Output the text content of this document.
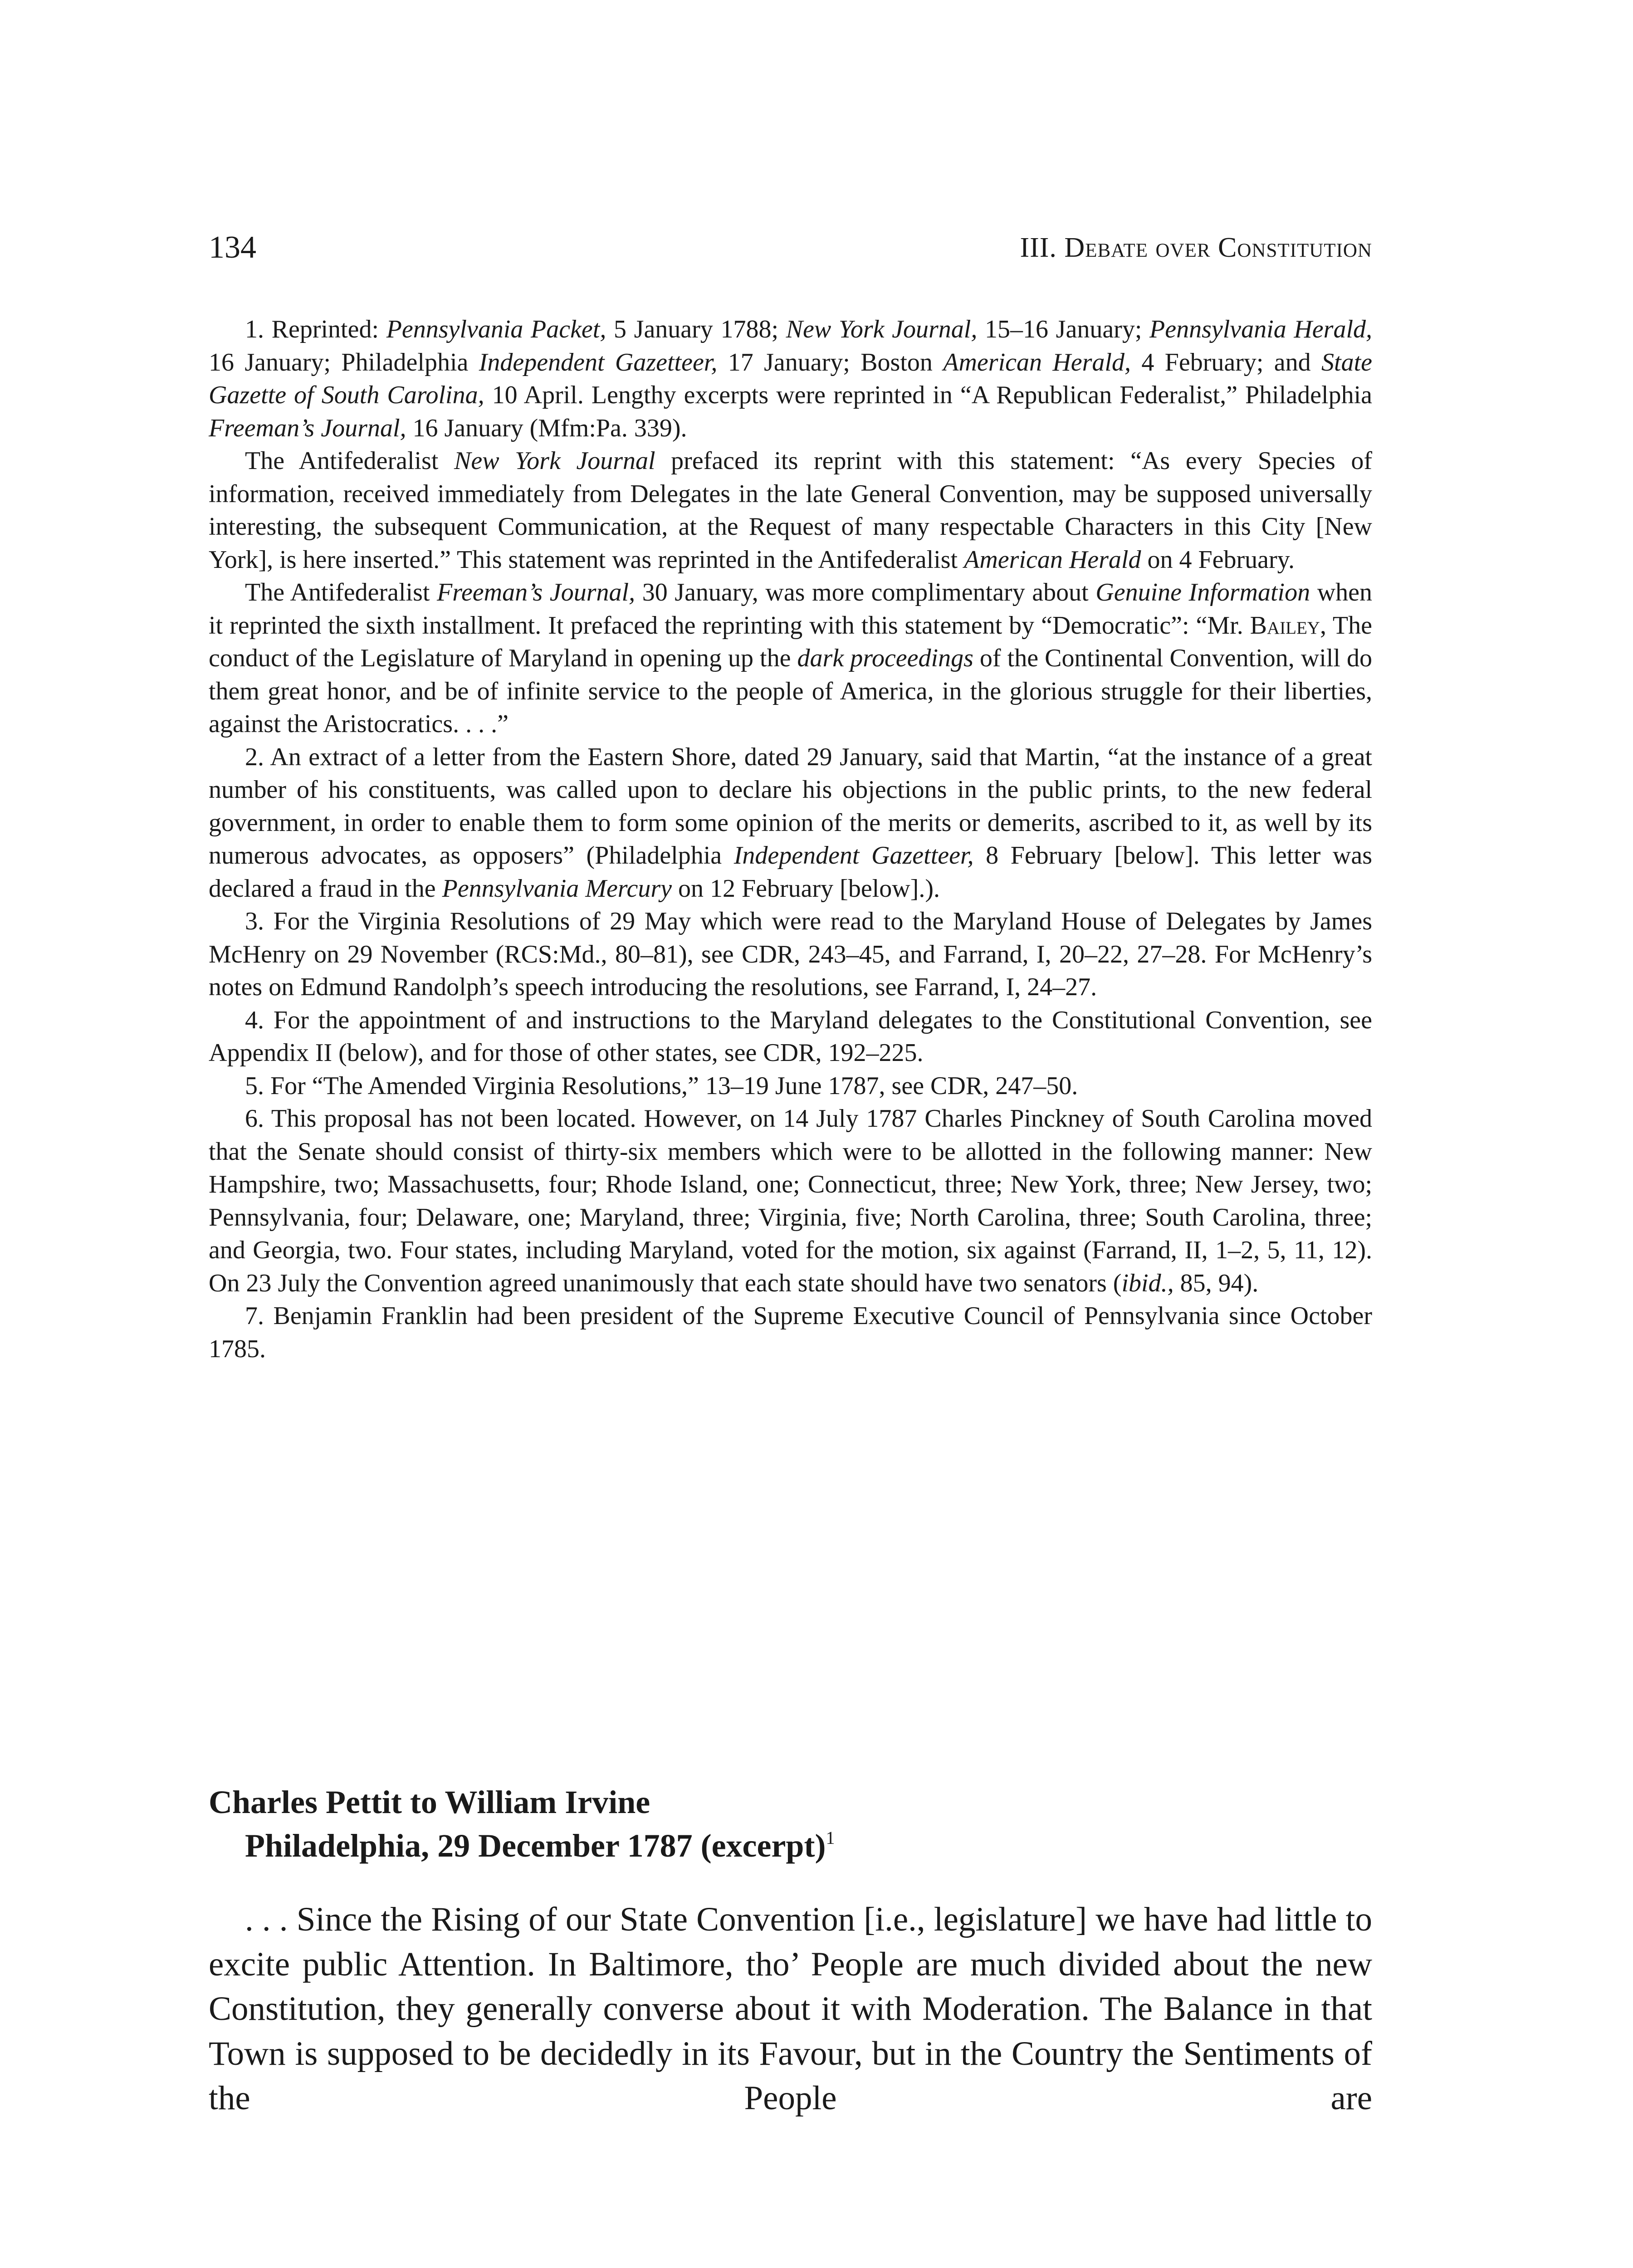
134	III. Debate over Constitution

1. Reprinted: Pennsylvania Packet, 5 January 1788; New York Journal, 15–16 January; Pennsylvania Herald, 16 January; Philadelphia Independent Gazetteer, 17 January; Boston American Herald, 4 February; and State Gazette of South Carolina, 10 April. Lengthy excerpts were reprinted in “A Republican Federalist,” Philadelphia Freeman’s Journal, 16 January (Mfm:Pa. 339).

The Antifederalist New York Journal prefaced its reprint with this statement: “As every Species of information, received immediately from Delegates in the late General Convention, may be supposed universally interesting, the subsequent Communication, at the Request of many respectable Characters in this City [New York], is here inserted.” This statement was reprinted in the Antifederalist American Herald on 4 February.

The Antifederalist Freeman’s Journal, 30 January, was more complimentary about Genuine Information when it reprinted the sixth installment. It prefaced the reprinting with this statement by “Democratic”: “Mr. Bailey, The conduct of the Legislature of Maryland in opening up the dark proceedings of the Continental Convention, will do them great honor, and be of infinite service to the people of America, in the glorious struggle for their liberties, against the Aristocratics. . . .”

2. An extract of a letter from the Eastern Shore, dated 29 January, said that Martin, “at the instance of a great number of his constituents, was called upon to declare his objections in the public prints, to the new federal government, in order to enable them to form some opinion of the merits or demerits, ascribed to it, as well by its numerous advocates, as opposers” (Philadelphia Independent Gazetteer, 8 February [below]. This letter was declared a fraud in the Pennsylvania Mercury on 12 February [below].).

3. For the Virginia Resolutions of 29 May which were read to the Maryland House of Delegates by James McHenry on 29 November (RCS:Md., 80–81), see CDR, 243–45, and Farrand, I, 20–22, 27–28. For McHenry’s notes on Edmund Randolph’s speech introducing the resolutions, see Farrand, I, 24–27.

4. For the appointment of and instructions to the Maryland delegates to the Constitutional Convention, see Appendix II (below), and for those of other states, see CDR, 192–225.

5. For “The Amended Virginia Resolutions,” 13–19 June 1787, see CDR, 247–50.

6. This proposal has not been located. However, on 14 July 1787 Charles Pinckney of South Carolina moved that the Senate should consist of thirty-six members which were to be allotted in the following manner: New Hampshire, two; Massachusetts, four; Rhode Island, one; Connecticut, three; New York, three; New Jersey, two; Pennsylvania, four; Delaware, one; Maryland, three; Virginia, five; North Carolina, three; South Carolina, three; and Georgia, two. Four states, including Maryland, voted for the motion, six against (Farrand, II, 1–2, 5, 11, 12). On 23 July the Convention agreed unanimously that each state should have two senators (ibid., 85, 94).

7. Benjamin Franklin had been president of the Supreme Executive Council of Pennsylvania since October 1785.

Charles Pettit to William Irvine
Philadelphia, 29 December 1787 (excerpt)$^1$

. . . Since the Rising of our State Convention [i.e., legislature] we have had little to excite public Attention. In Baltimore, tho’ People are much divided about the new Constitution, they generally converse about it with Moderation. The Balance in that Town is supposed to be decidedly in its Favour, but in the Country the Sentiments of the People are
